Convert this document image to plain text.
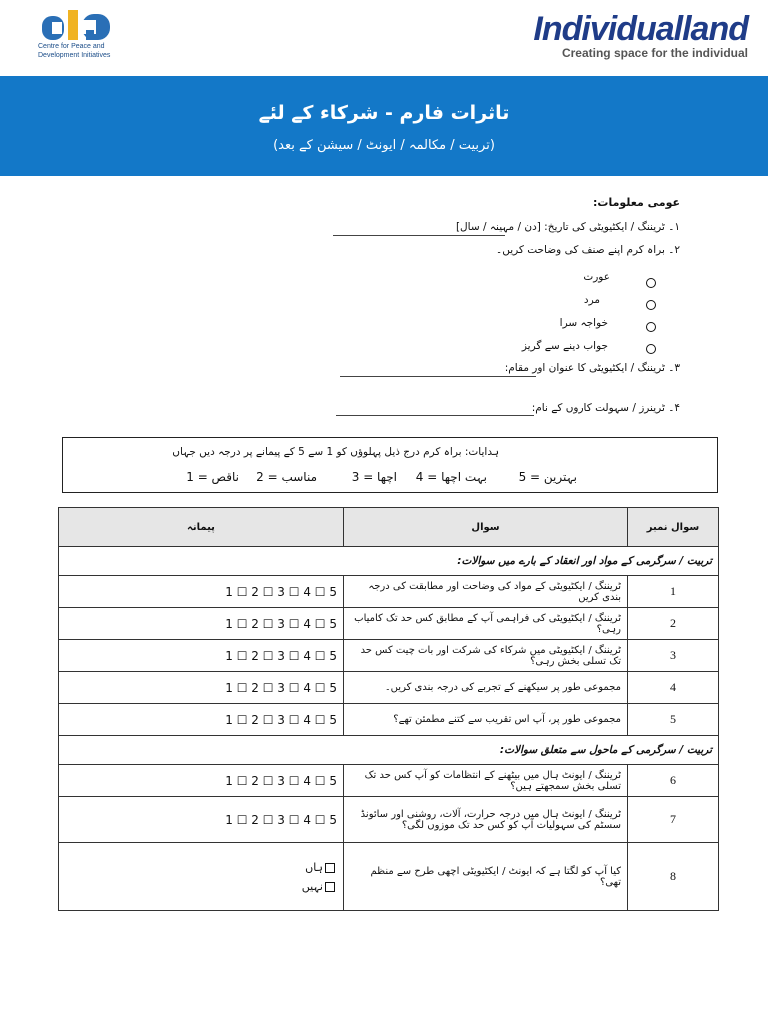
Centre for Peace and
Development Initiatives
Individualland
Creating space for the individual
تاثرات فارم - شرکاء کے لئے
(تربیت / مکالمہ / ایونٹ / سیشن کے بعد)
عومی معلومات:
۱۔ ٹریننگ / ایکٹیویٹی کی تاریخ: [دن / مہینہ / سال]
۲۔ براہ کرم اپنے صنف کی وضاحت کریں۔
عورت
مرد
خواجہ سرا
جواب دینے سے گریز
۳۔ ٹریننگ / ایکٹیویٹی کا عنوان اور مقام:
۴۔ ٹرینرز / سہولت کاروں کے نام:
ہدایات: براہ کرم درج ذیل پہلوؤں کو 1 سے 5 کے پیمانے پر درجہ دیں جہاں
بہترین = 5
بہت اچھا = 4
اچھا = 3
مناسب = 2
ناقص = 1
پیمانہ	سوال	سوال نمبر
تربیت / سرگرمی کے مواد اور انعقاد کے بارے میں سوالات:		
1 ☐ 2 ☐ 3 ☐ 4 ☐ 5	ٹریننگ / ایکٹیویٹی کے مواد کی وضاحت اور مطابقت کی درجہ بندی کریں	1
1 ☐ 2 ☐ 3 ☐ 4 ☐ 5	ٹریننگ / ایکٹیویٹی کی فراہمی آپ کے مطابق کس حد تک کامیاب رہی؟	2
1 ☐ 2 ☐ 3 ☐ 4 ☐ 5	ٹریننگ / ایکٹیویٹی میں شرکاء کی شرکت اور بات چیت کس حد تک تسلی بخش رہی؟	3
1 ☐ 2 ☐ 3 ☐ 4 ☐ 5	مجموعی طور پر سیکھنے کے تجربے کی درجہ بندی کریں۔	4
1 ☐ 2 ☐ 3 ☐ 4 ☐ 5	مجموعی طور پر، آپ اس تقریب سے کتنے مطمئن تھے؟	5
تربیت / سرگرمی کے ماحول سے متعلق سوالات:		
1 ☐ 2 ☐ 3 ☐ 4 ☐ 5	ٹریننگ / ایونٹ ہال میں بیٹھنے کے انتظامات کو آپ کس حد تک تسلی بخش سمجھتے ہیں؟	6
1 ☐ 2 ☐ 3 ☐ 4 ☐ 5	ٹریننگ / ایونٹ ہال میں درجہ حرارت، آلات، روشنی اور سائونڈ سسٹم کی سہولیات آپ کو کس حد تک موزوں لگی؟	7

ہاں
نہیں	کیا آپ کو لگتا ہے کہ ایونٹ / ایکٹیویٹی اچھی طرح سے منظم تھی؟	8
